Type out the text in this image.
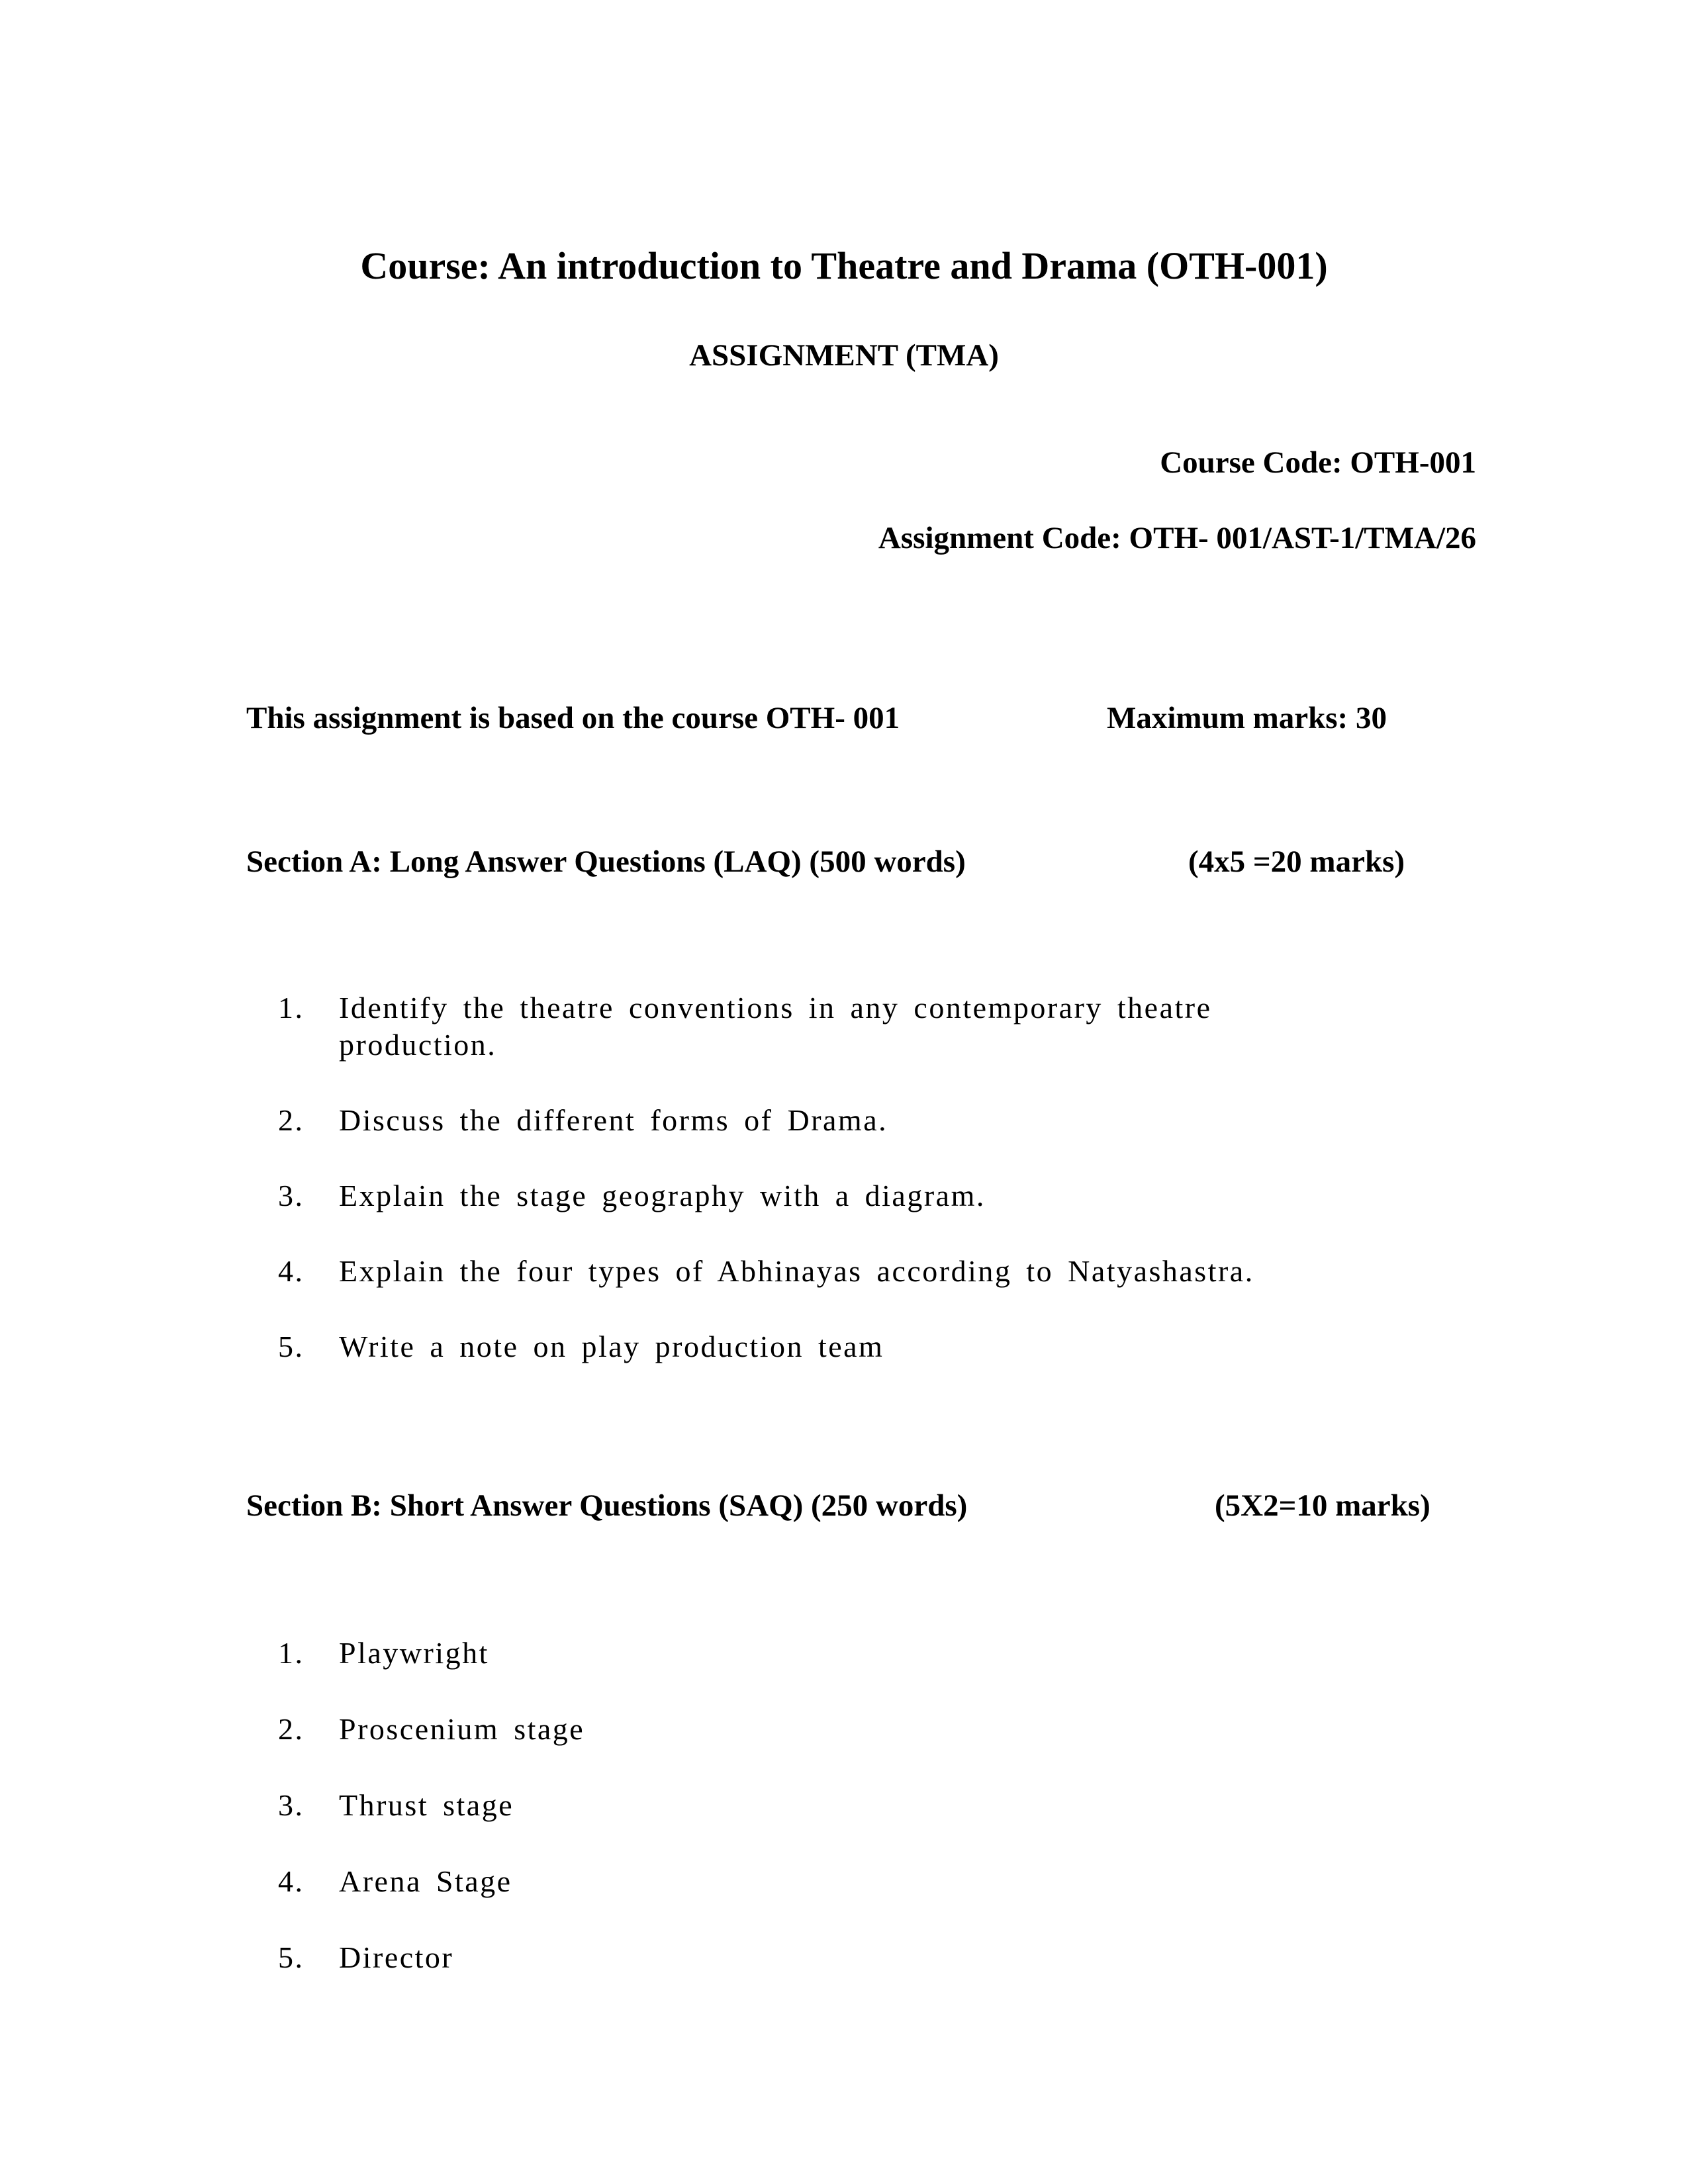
Course: An introduction to Theatre and Drama (OTH-001)
ASSIGNMENT (TMA)
Course Code: OTH-001
Assignment Code: OTH- 001/AST-1/TMA/26
This assignment is based on the course OTH- 001	Maximum marks: 30
Section A: Long Answer Questions (LAQ) (500 words)	(4x5 =20 marks)
1. Identify the theatre conventions in any contemporary theatre production.
2. Discuss the different forms of Drama.
3. Explain the stage geography with a diagram.
4. Explain the four types of Abhinayas according to Natyashastra.
5. Write a note on play production team
Section B: Short Answer Questions (SAQ) (250 words)	(5X2=10 marks)
1. Playwright
2. Proscenium stage
3. Thrust stage
4. Arena Stage
5. Director
